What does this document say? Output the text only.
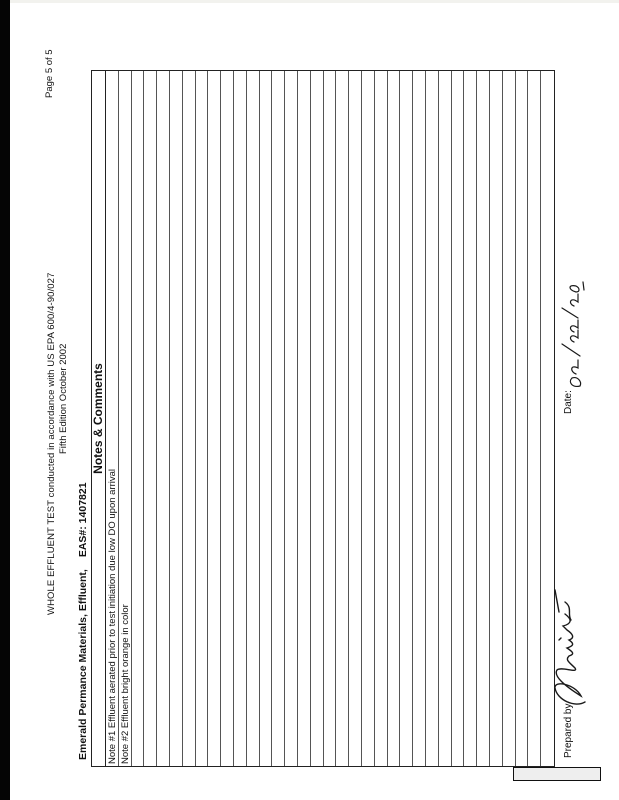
WHOLE EFFLUENT TEST conducted in accordance with US EPA 600/4-90/027 Fifth Edition October 2002
Page 5 of 5
Emerald Permance Materials, Effluent,EAS#: 1407821
Notes & Comments
Note #1 Effluent aerated prior to test initiation due low DO upon arrival Note #2 Effluent bright orange in color	Prepared by
Date:
